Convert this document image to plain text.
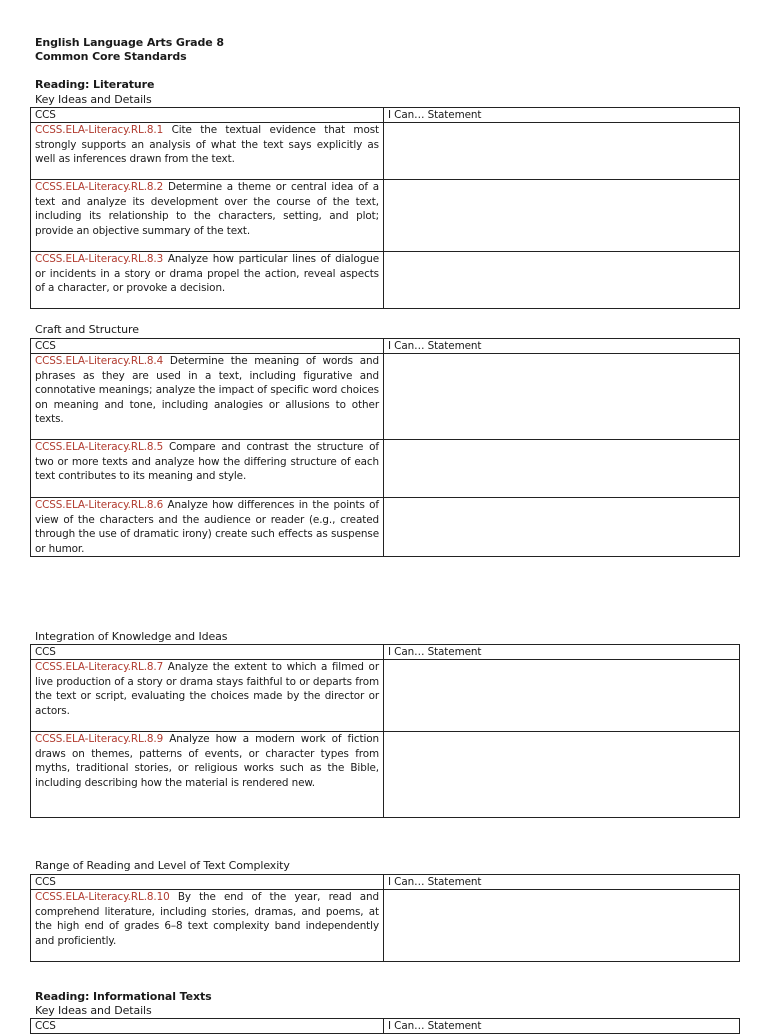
English Language Arts Grade 8
Common Core Standards
Reading: Literature
Key Ideas and Details
CCS	I Can… Statement
CCSS.ELA-Literacy.RL.8.1 Cite the textual evidence that most strongly supports an analysis of what the text says explicitly as well as inferences drawn from the text.	
CCSS.ELA-Literacy.RL.8.2 Determine a theme or central idea of a text and analyze its development over the course of the text, including its relationship to the characters, setting, and plot; provide an objective summary of the text.	
CCSS.ELA-Literacy.RL.8.3 Analyze how particular lines of dialogue or incidents in a story or drama propel the action, reveal aspects of a character, or provoke a decision.	
Craft and Structure
CCS	I Can… Statement
CCSS.ELA-Literacy.RL.8.4 Determine the meaning of words and phrases as they are used in a text, including figurative and connotative meanings; analyze the impact of specific word choices on meaning and tone, including analogies or allusions to other texts.	
CCSS.ELA-Literacy.RL.8.5 Compare and contrast the structure of two or more texts and analyze how the differing structure of each text contributes to its meaning and style.	
CCSS.ELA-Literacy.RL.8.6 Analyze how differences in the points of view of the characters and the audience or reader (e.g., created through the use of dramatic irony) create such effects as suspense or humor.	
Integration of Knowledge and Ideas
CCS	I Can… Statement
CCSS.ELA-Literacy.RL.8.7 Analyze the extent to which a filmed or live production of a story or drama stays faithful to or departs from the text or script, evaluating the choices made by the director or actors.	
CCSS.ELA-Literacy.RL.8.9 Analyze how a modern work of fiction draws on themes, patterns of events, or character types from myths, traditional stories, or religious works such as the Bible, including describing how the material is rendered new.	
Range of Reading and Level of Text Complexity
CCS	I Can… Statement
CCSS.ELA-Literacy.RL.8.10 By the end of the year, read and comprehend literature, including stories, dramas, and poems, at the high end of grades 6–8 text complexity band independently and proficiently.	
Reading: Informational Texts
Key Ideas and Details
CCS	I Can… Statement
